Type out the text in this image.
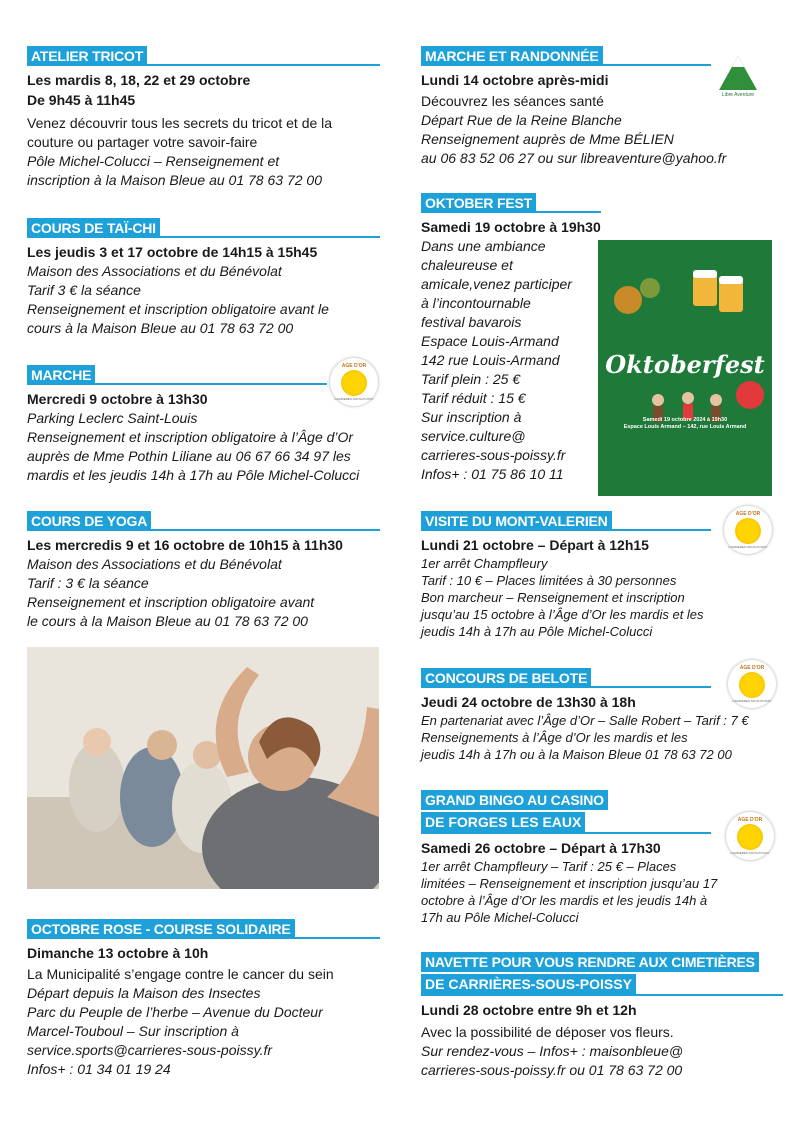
ATELIER TRICOT
Les mardis 8, 18, 22 et 29 octobre
De 9h45 à 11h45
Venez découvrir tous les secrets du tricot et de la
couture ou partager votre savoir-faire
Pôle Michel-Colucci – Renseignement et
inscription à la Maison Bleue au 01 78 63 72 00
COURS DE TAÏ-CHI
Les jeudis 3 et 17 octobre de 14h15 à 15h45
Maison des Associations et du Bénévolat
Tarif 3 € la séance
Renseignement et inscription obligatoire avant le
cours à la Maison Bleue au 01 78 63 72 00
MARCHE
Mercredi 9 octobre à 13h30
Parking Leclerc Saint-Louis
Renseignement et inscription obligatoire à l’Âge d’Or
auprès de Mme Pothin Liliane au 06 67 66 34 97 les
mardis et les jeudis 14h à 17h au Pôle Michel-Colucci
COURS DE YOGA
Les mercredis 9 et 16 octobre de 10h15 à 11h30
Maison des Associations et du Bénévolat
Tarif : 3 € la séance
Renseignement et inscription obligatoire avant
le cours à la Maison Bleue au 01 78 63 72 00
OCTOBRE ROSE - COURSE SOLIDAIRE
Dimanche 13 octobre à 10h
La Municipalité s’engage contre le cancer du sein
Départ depuis la Maison des Insectes
Parc du Peuple de l’herbe – Avenue du Docteur
Marcel-Touboul – Sur inscription à
service.sports@carrieres-sous-poissy.fr
Infos+ : 01 34 01 19 24
MARCHE ET RANDONNÉE
Lundi 14 octobre après-midi
Découvrez les séances santé
Départ Rue de la Reine Blanche
Renseignement auprès de Mme BÉLIEN
au 06 83 52 06 27 ou sur libreaventure@yahoo.fr
OKTOBER FEST
Samedi 19 octobre à 19h30
Dans une ambiance
chaleureuse et
amicale,venez participer
à l’incontournable
festival bavarois
Espace Louis-Armand
142 rue Louis-Armand
Tarif plein : 25 €
Tarif réduit : 15 €
Sur inscription à
service.culture@
carrieres-sous-poissy.fr
Infos+ : 01 75 86 10 11
VISITE DU MONT-VALERIEN
Lundi 21 octobre – Départ à 12h15
1er arrêt Champfleury
Tarif : 10 € – Places limitées à 30 personnes
Bon marcheur – Renseignement et inscription
jusqu’au 15 octobre à l’Âge d’Or les mardis et les
jeudis 14h à 17h au Pôle Michel-Colucci
CONCOURS DE BELOTE
Jeudi 24 octobre de 13h30 à 18h
En partenariat avec l’Âge d’Or – Salle Robert – Tarif : 7 €
Renseignements à l’Âge d’Or les mardis et les
jeudis 14h à 17h ou à la Maison Bleue 01 78 63 72 00
GRAND BINGO AU CASINO
DE FORGES LES EAUX
Samedi 26 octobre – Départ à 17h30
1er arrêt Champfleury – Tarif : 25 € – Places
limitées – Renseignement et inscription jusqu’au 17
octobre à l’Âge d’Or les mardis et les jeudis 14h à
17h au Pôle Michel-Colucci
NAVETTE POUR VOUS RENDRE AUX CIMETIÈRES
DE CARRIÈRES-SOUS-POISSY
Lundi 28 octobre entre 9h et 12h
Avec la possibilité de déposer vos fleurs.
Sur rendez-vous – Infos+ : maisonbleue@
carrieres-sous-poissy.fr ou 01 78 63 72 00
Libre Aventure
AGE D'OR
CARRIERES-SOUS-POISSY
AGE D'OR
CARRIERES-SOUS-POISSY
AGE D'OR
CARRIERES-SOUS-POISSY
AGE D'OR
CARRIERES-SOUS-POISSY
Oktoberfest
Samedi 19 octobre 2024 à 19h30
Espace Louis Armand – 142, rue Louis Armand
